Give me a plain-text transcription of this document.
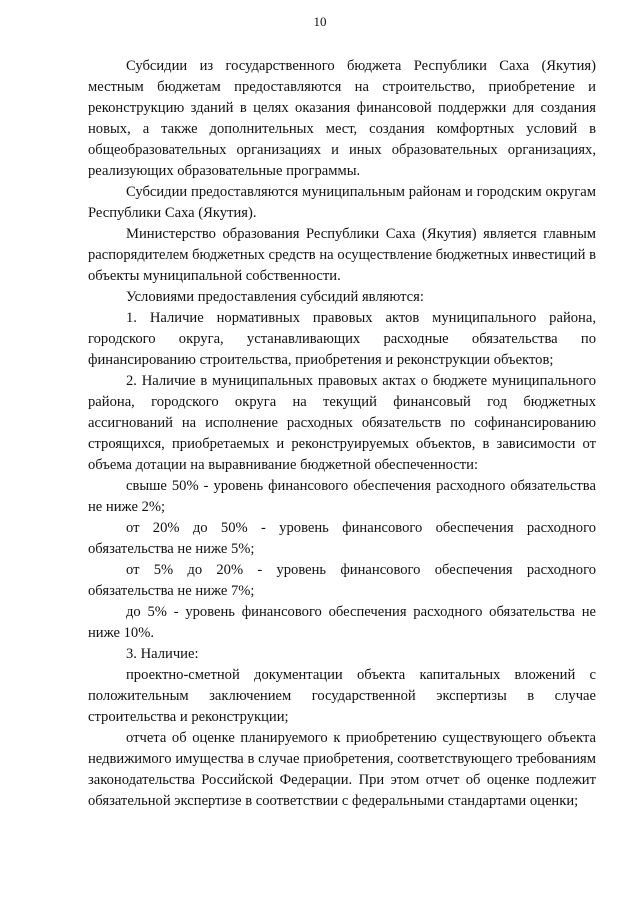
10

Субсидии из государственного бюджета Республики Саха (Якутия) местным бюджетам предоставляются на строительство, приобретение и реконструкцию зданий в целях оказания финансовой поддержки для создания новых, а также дополнительных мест, создания комфортных условий в общеобразовательных организациях и иных образовательных организациях, реализующих образовательные программы.

Субсидии предоставляются муниципальным районам и городским округам Республики Саха (Якутия).

Министерство образования Республики Саха (Якутия) является главным распорядителем бюджетных средств на осуществление бюджетных инвестиций в объекты муниципальной собственности.

Условиями предоставления субсидий являются:

1. Наличие нормативных правовых актов муниципального района, городского округа, устанавливающих расходные обязательства по финансированию строительства, приобретения и реконструкции объектов;

2. Наличие в муниципальных правовых актах о бюджете муниципального района, городского округа на текущий финансовый год бюджетных ассигнований на исполнение расходных обязательств по софинансированию строящихся, приобретаемых и реконструируемых объектов, в зависимости от объема дотации на выравнивание бюджетной обеспеченности:

свыше 50% - уровень финансового обеспечения расходного обязательства не ниже 2%;

от 20% до 50% - уровень финансового обеспечения расходного обязательства не ниже 5%;

от 5% до 20% - уровень финансового обеспечения расходного обязательства не ниже 7%;

до 5% - уровень финансового обеспечения расходного обязательства не ниже 10%.

3. Наличие:

проектно-сметной документации объекта капитальных вложений с положительным заключением государственной экспертизы в случае строительства и реконструкции;

отчета об оценке планируемого к приобретению существующего объекта недвижимого имущества в случае приобретения, соответствующего требованиям законодательства Российской Федерации. При этом отчет об оценке подлежит обязательной экспертизе в соответствии с федеральными стандартами оценки;
